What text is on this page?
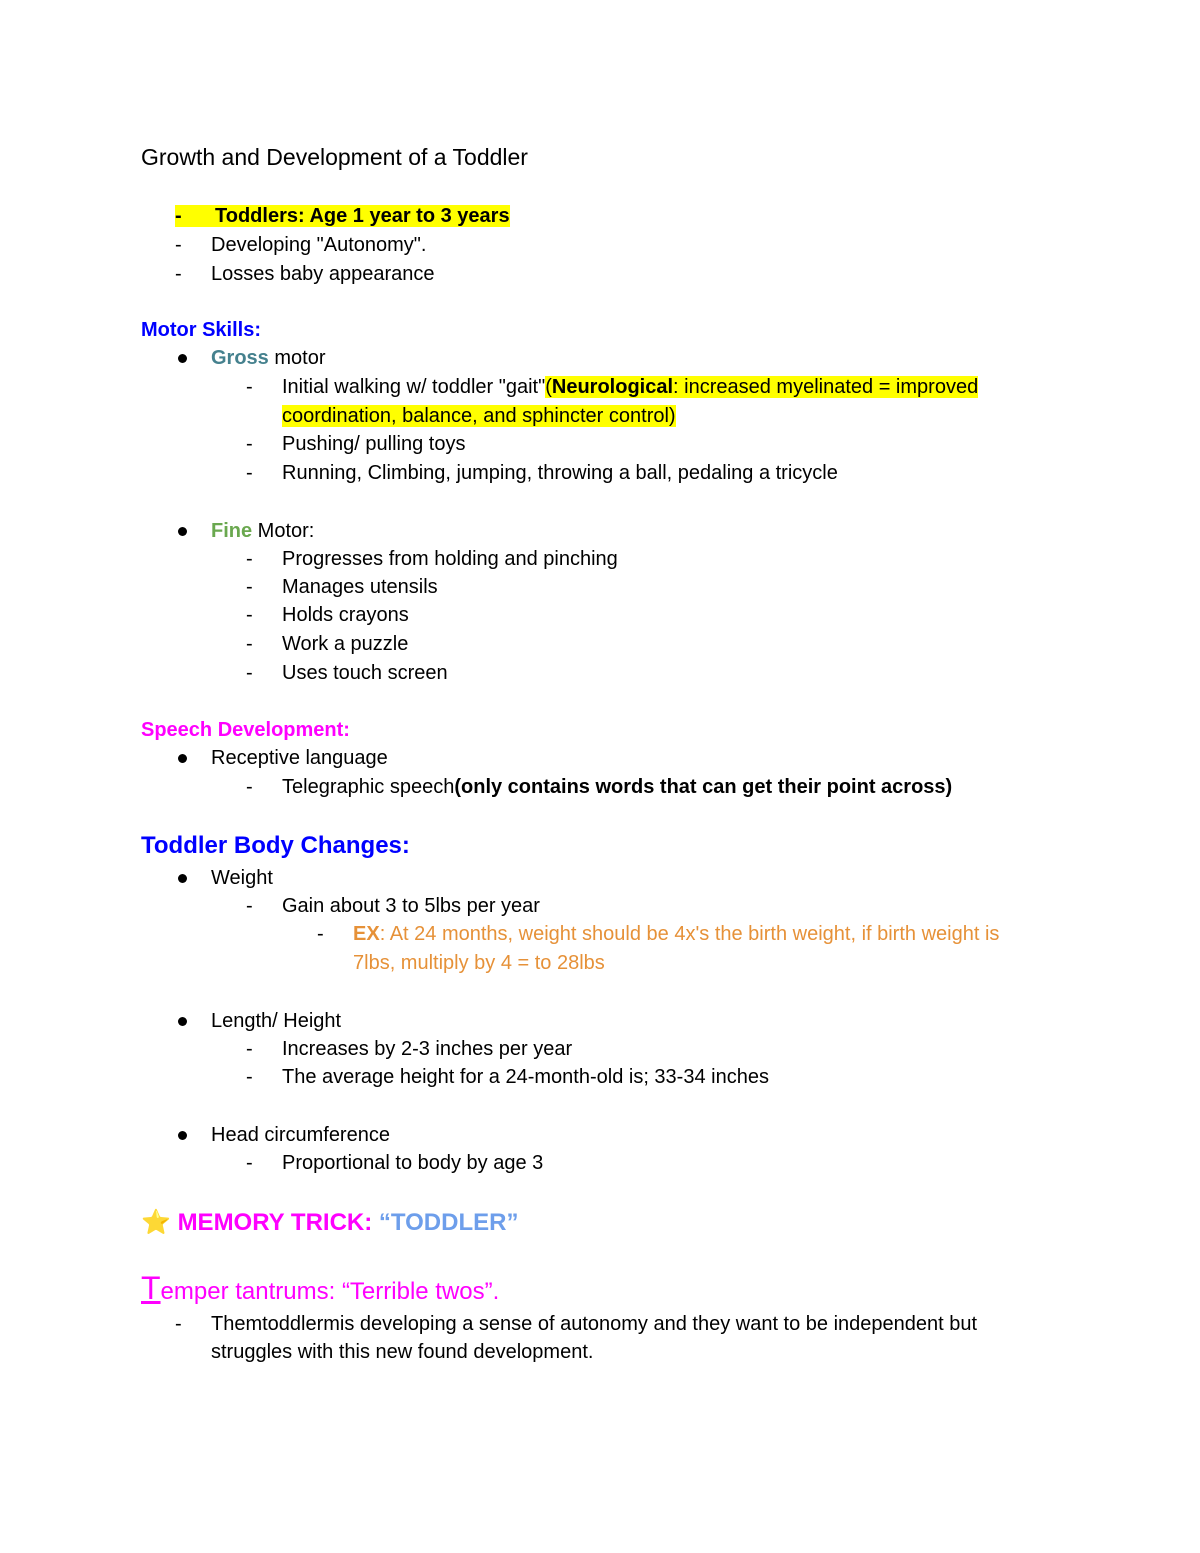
Growth and Development of a Toddler
-      Toddlers: Age 1 year to 3 years
- Developing "Autonomy".
- Losses baby appearance
Motor Skills:
Gross motor
- Initial walking w/ toddler "gait"(Neurological: increased myelinated = improved
coordination, balance, and sphincter control)
- Pushing/ pulling toys
- Running, Climbing, jumping, throwing a ball, pedaling a tricycle
Fine Motor:
- Progresses from holding and pinching
- Manages utensils
- Holds crayons
- Work a puzzle
- Uses touch screen
Speech Development:
Receptive language
- Telegraphic speech(only contains words that can get their point across)
Toddler Body Changes:
Weight
- Gain about 3 to 5lbs per year
- EX: At 24 months, weight should be 4x's the birth weight, if birth weight is
7lbs, multiply by 4 = to 28lbs
Length/ Height
- Increases by 2-3 inches per year
- The average height for a 24-month-old is; 33-34 inches
Head circumference
- Proportional to body by age 3
⭐ MEMORY TRICK: “TODDLER”
Temper tantrums: “Terrible twos”.
- Themtoddlermis developing a sense of autonomy and they want to be independent but
struggles with this new found development.
